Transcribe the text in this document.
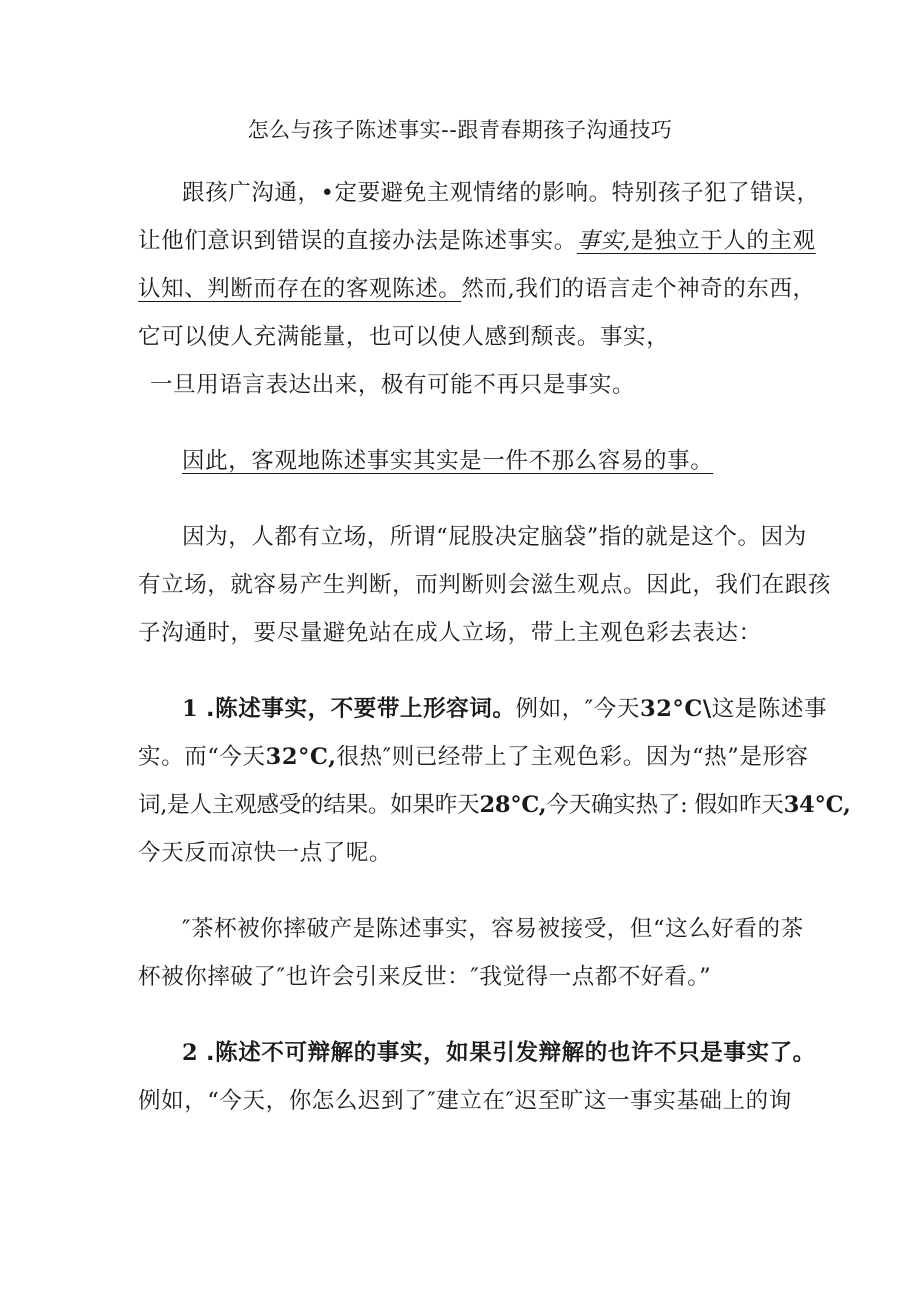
怎么与孩子陈述事实--跟青春期孩子沟通技巧
跟孩广沟通，•定要避免主观情绪的影响。特别孩子犯了错误，
让他们意识到错误的直接办法是陈述事实。事实,是独立于人的主观
认知、判断而存在的客观陈述。然而,我们的语言走个神奇的东西，
它可以使人充满能量，也可以使人感到颓丧。事实，
一旦用语言表达出来，极有可能不再只是事实。
因此，客观地陈述事实其实是一件不那么容易的事。
因为，人都有立场，所谓“屁股决定脑袋”指的就是这个。因为
有立场，就容易产生判断，而判断则会滋生观点。因此，我们在跟孩
子沟通时，要尽量避免站在成人立场，带上主观色彩去表达：
1 .陈述事实，不要带上形容词。例如，″今天32°C\这是陈述事
实。而“今天32°C,很热″则已经带上了主观色彩。因为“热”是形容
词,是人主观感受的结果。如果昨天28°C,今天确实热了: 假如昨天34°C,
今天反而凉快一点了呢。
″茶杯被你摔破产是陈述事实，容易被接受，但“这么好看的茶
杯被你摔破了″也许会引来反世：″我觉得一点都不好看。”
2 .陈述不可辩解的事实，如果引发辩解的也许不只是事实了。
例如，“今天，你怎么迟到了″建立在″迟至旷这一事实基础上的询
